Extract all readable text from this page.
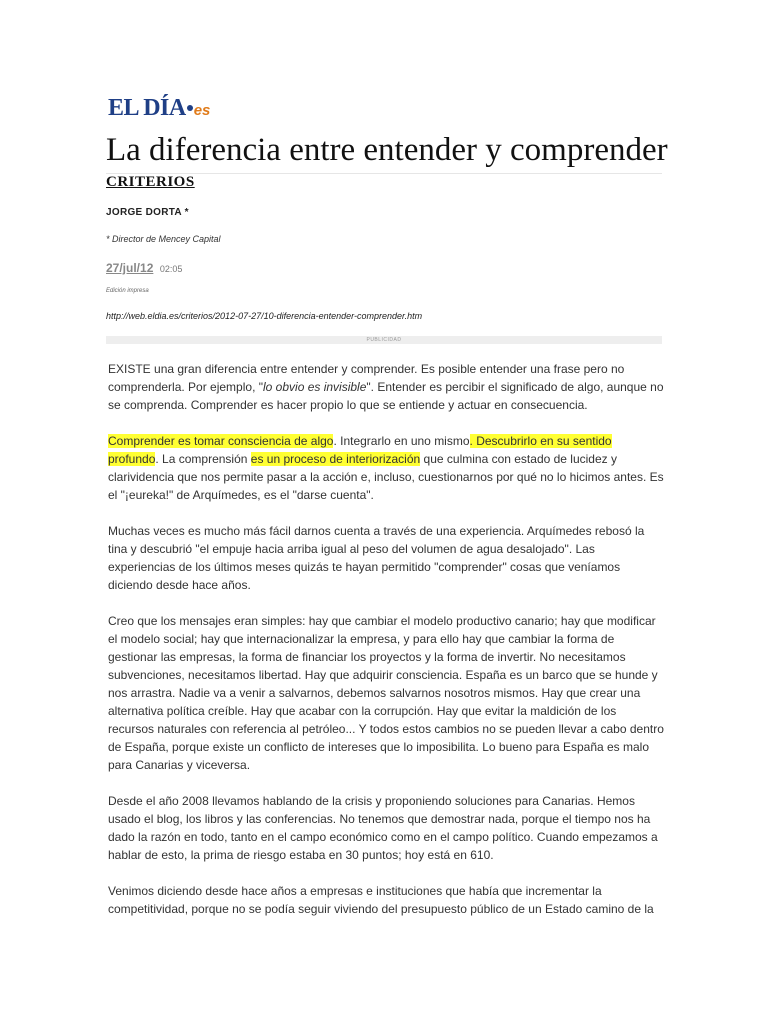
EL DÍA es
La diferencia entre entender y comprender
CRITERIOS
JORGE DORTA *
* Director de Mencey Capital
27/jul/12 02:05
Edición impresa
http://web.eldia.es/criterios/2012-07-27/10-diferencia-entender-comprender.htm
PUBLICIDAD

EXISTE una gran diferencia entre entender y comprender. Es posible entender una frase pero no comprenderla. Por ejemplo, "lo obvio es invisible". Entender es percibir el significado de algo, aunque no se comprenda. Comprender es hacer propio lo que se entiende y actuar en consecuencia.

Comprender es tomar consciencia de algo. Integrarlo en uno mismo. Descubrirlo en su sentido profundo. La comprensión es un proceso de interiorización que culmina con estado de lucidez y clarividencia que nos permite pasar a la acción e, incluso, cuestionarnos por qué no lo hicimos antes. Es el "¡eureka!" de Arquímedes, es el "darse cuenta".

Muchas veces es mucho más fácil darnos cuenta a través de una experiencia. Arquímedes rebosó la tina y descubrió "el empuje hacia arriba igual al peso del volumen de agua desalojado". Las experiencias de los últimos meses quizás te hayan permitido "comprender" cosas que veníamos diciendo desde hace años.

Creo que los mensajes eran simples: hay que cambiar el modelo productivo canario; hay que modificar el modelo social; hay que internacionalizar la empresa, y para ello hay que cambiar la forma de gestionar las empresas, la forma de financiar los proyectos y la forma de invertir. No necesitamos subvenciones, necesitamos libertad. Hay que adquirir consciencia. España es un barco que se hunde y nos arrastra. Nadie va a venir a salvarnos, debemos salvarnos nosotros mismos. Hay que crear una alternativa política creíble. Hay que acabar con la corrupción. Hay que evitar la maldición de los recursos naturales con referencia al petróleo... Y todos estos cambios no se pueden llevar a cabo dentro de España, porque existe un conflicto de intereses que lo imposibilita. Lo bueno para España es malo para Canarias y viceversa.

Desde el año 2008 llevamos hablando de la crisis y proponiendo soluciones para Canarias. Hemos usado el blog, los libros y las conferencias. No tenemos que demostrar nada, porque el tiempo nos ha dado la razón en todo, tanto en el campo económico como en el campo político. Cuando empezamos a hablar de esto, la prima de riesgo estaba en 30 puntos; hoy está en 610.

Venimos diciendo desde hace años a empresas e instituciones que había que incrementar la competitividad, porque no se podía seguir viviendo del presupuesto público de un Estado camino de la
